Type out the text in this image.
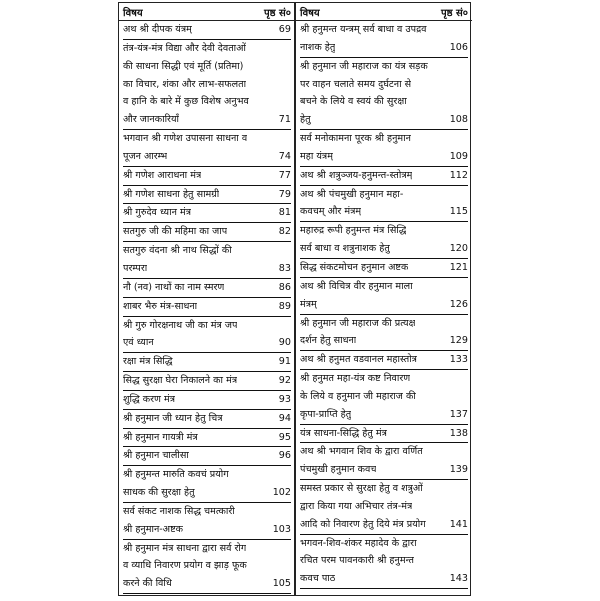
विषय	पृष्ठ सं०
अथ श्री दीपक यंत्रम्	69
तंत्र-यंत्र-मंत्र विद्या और देवी देवताओं
की साधना सिद्धी एवं मूर्ति (प्रतिमा)
का विचार, शंका और लाभ-सफलता
व हानि के बारे में कुछ विशेष अनुभव
और जानकारियाँ	71
भगवान श्री गणेश उपासना साधना व
पूजन आरम्भ	74
श्री गणेश आराधना मंत्र	77
श्री गणेश साधना हेतु सामग्री	79
श्री गुरुदेव ध्यान मंत्र	81
सतगुरु जी की महिमा का जाप	82
सतगुरु वंदना श्री नाथ सिद्धों की
परम्परा	83
नौ (नव) नाथों का नाम स्मरण	86
शाबर भैरु मंत्र-साधना	89
श्री गुरु गोरक्षनाथ जी का मंत्र जप
एवं ध्यान	90
रक्षा मंत्र सिद्धि	91
सिद्ध सुरक्षा घेरा निकालने का मंत्र	92
शुद्धि करण मंत्र	93
श्री हनुमान जी ध्यान हेतु चित्र	94
श्री हनुमान गायत्री मंत्र	95
श्री हनुमान चालीसा	96
श्री हनुमन्त मारुति कवचं प्रयोग
साधक की सुरक्षा हेतु	102
सर्व संकट नाशक सिद्ध चमत्कारी
श्री हनुमान-अष्टक	103
श्री हनुमान मंत्र साधना द्वारा सर्व रोग
व व्याधि निवारण प्रयोग व झाड़ फूक
करने की विधि	105
विषय	पृष्ठ सं०
श्री हनुमन्त यन्त्रम् सर्व बाधा व उपद्रव
नाशक हेतु	106
श्री हनुमान जी महाराज का यंत्र सड़क
पर वाहन चलाते समय दुर्घटना से
बचने के लिये व स्वयं की सुरक्षा
हेतु	108
सर्व मनोकामना पूरक श्री हनुमान
महा यंत्रम्	109
अथ श्री शत्रुञ्जय-हनुमन्त-स्तोत्रम्	112
अथ श्री पंचमुखी हनुमान महा-
कवचम् और मंत्रम्	115
महारुद्र रूपी हनुमन्त मंत्र सिद्धि
सर्व बाधा व शत्रुनाशक हेतु	120
सिद्ध संकटमोचन हनुमान अष्टक	121
अथ श्री विचित्र वीर हनुमान माला
मंत्रम्	126
श्री हनुमान जी महाराज की प्रत्यक्ष
दर्शन हेतु साधना	129
अथ श्री हनुमत वडवानल महास्तोत्र	133
श्री हनुमत महा-यंत्र कष्ट निवारण
के लिये व हनुमान जी महाराज की
कृपा-प्राप्ति हेतु	137
यंत्र साधना-सिद्धि हेतु मंत्र	138
अथ श्री भगवान शिव के द्वारा वर्णित
पंचमुखी हनुमान कवच	139
समस्त प्रकार से सुरक्षा हेतु व शत्रुओं
द्वारा किया गया अभिचार तंत्र-मंत्र
आदि को निवारण हेतु दिये मंत्र प्रयोग	141
भगवन-शिव-शंकर महादेव के द्वारा
रचित परम पावनकारी श्री हनुमन्त
कवच पाठ	143
